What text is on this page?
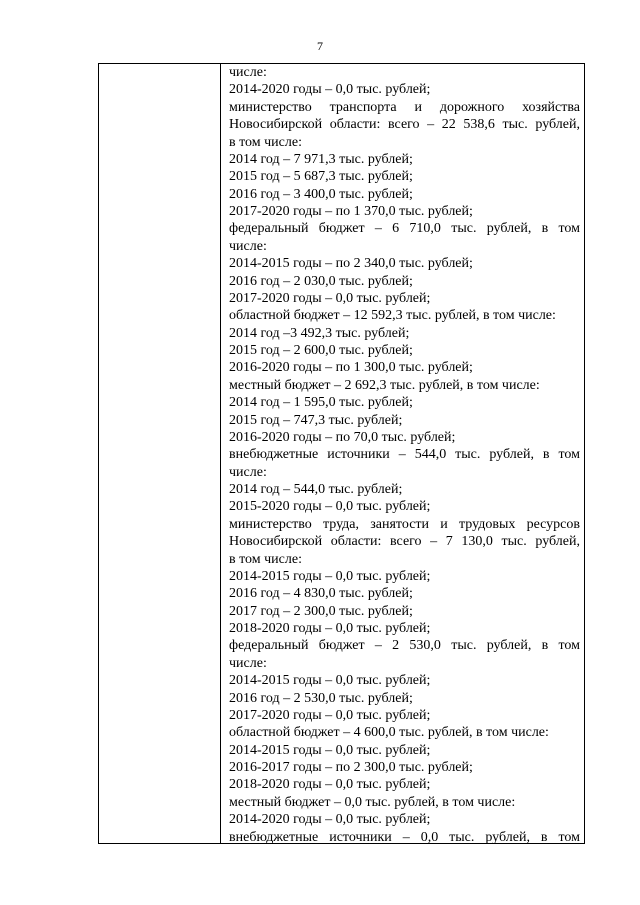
7
числе:
2014-2020 годы – 0,0 тыс. рублей;
министерство транспорта и дорожного хозяйства
Новосибирской области: всего – 22 538,6 тыс. рублей,
в том числе:
2014 год – 7 971,3 тыс. рублей;
2015 год – 5 687,3 тыс. рублей;
2016 год – 3 400,0 тыс. рублей;
2017-2020 годы – по 1 370,0 тыс. рублей;
федеральный бюджет – 6 710,0 тыс. рублей, в том
числе:
2014-2015 годы – по 2 340,0 тыс. рублей;
2016 год – 2 030,0 тыс. рублей;
2017-2020 годы – 0,0 тыс. рублей;
областной бюджет – 12 592,3 тыс. рублей, в том числе:
2014 год –3 492,3 тыс. рублей;
2015 год – 2 600,0 тыс. рублей;
2016-2020 годы – по 1 300,0 тыс. рублей;
местный бюджет – 2 692,3 тыс. рублей, в том числе:
2014 год – 1 595,0 тыс. рублей;
2015 год – 747,3 тыс. рублей;
2016-2020 годы – по 70,0 тыс. рублей;
внебюджетные источники – 544,0 тыс. рублей, в том
числе:
2014 год – 544,0 тыс. рублей;
2015-2020 годы – 0,0 тыс. рублей;
министерство труда, занятости и трудовых ресурсов
Новосибирской области: всего – 7 130,0 тыс. рублей,
в том числе:
2014-2015 годы – 0,0 тыс. рублей;
2016 год – 4 830,0 тыс. рублей;
2017 год – 2 300,0 тыс. рублей;
2018-2020 годы – 0,0 тыс. рублей;
федеральный бюджет – 2 530,0 тыс. рублей, в том
числе:
2014-2015 годы – 0,0 тыс. рублей;
2016 год – 2 530,0 тыс. рублей;
2017-2020 годы – 0,0 тыс. рублей;
областной бюджет – 4 600,0 тыс. рублей, в том числе:
2014-2015 годы – 0,0 тыс. рублей;
2016-2017 годы – по 2 300,0 тыс. рублей;
2018-2020 годы – 0,0 тыс. рублей;
местный бюджет – 0,0 тыс. рублей, в том числе:
2014-2020 годы – 0,0 тыс. рублей;
внебюджетные источники – 0,0 тыс. рублей, в том
